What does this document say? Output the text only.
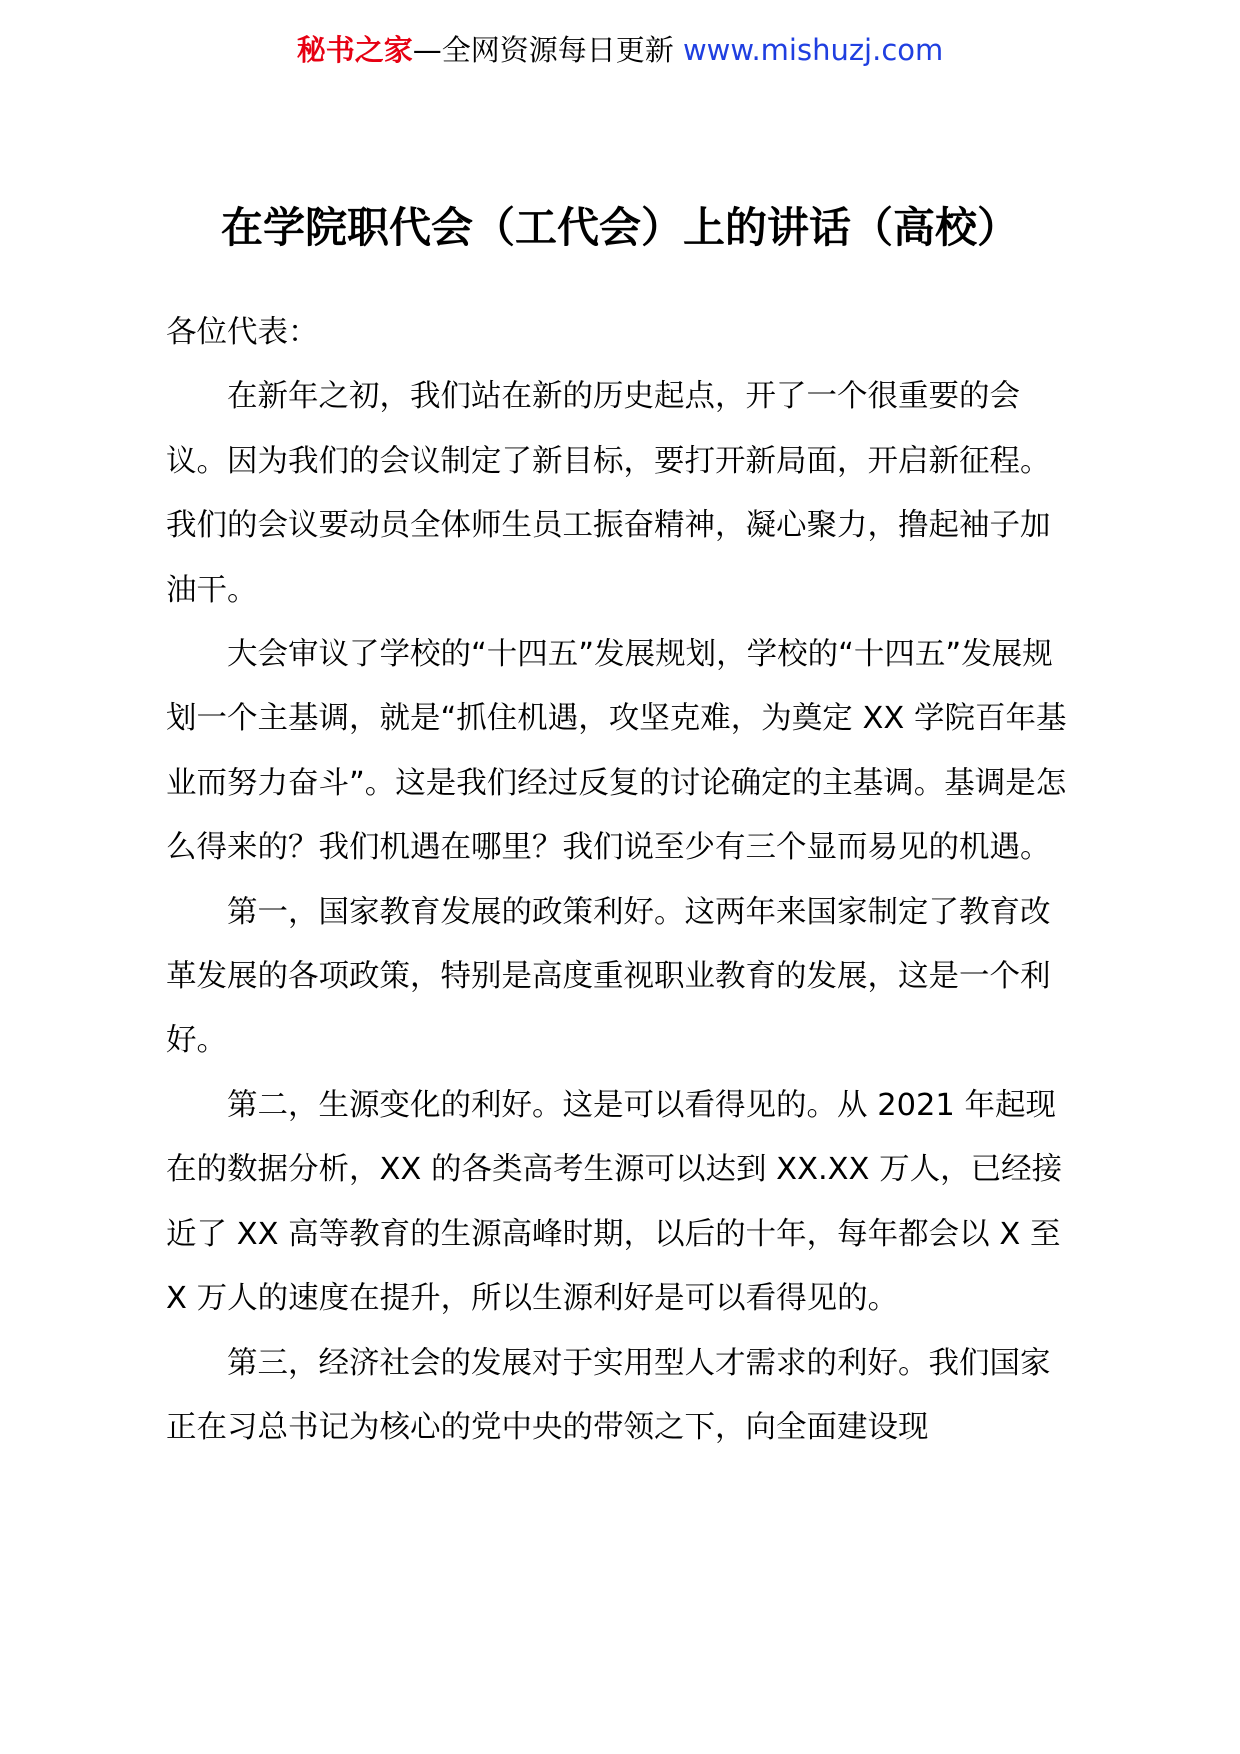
秘书之家—全网资源每日更新 www.mishuzj.com
在学院职代会（工代会）上的讲话（高校）

各位代表：

在新年之初，我们站在新的历史起点，开了一个很重要的会议。因为我们的会议制定了新目标，要打开新局面，开启新征程。我们的会议要动员全体师生员工振奋精神，凝心聚力，撸起袖子加油干。

大会审议了学校的“十四五”发展规划，学校的“十四五”发展规划一个主基调，就是“抓住机遇，攻坚克难，为奠定 XX 学院百年基业而努力奋斗”。这是我们经过反复的讨论确定的主基调。基调是怎么得来的？我们机遇在哪里？我们说至少有三个显而易见的机遇。

第一，国家教育发展的政策利好。这两年来国家制定了教育改革发展的各项政策，特别是高度重视职业教育的发展，这是一个利好。

第二，生源变化的利好。这是可以看得见的。从 2021 年起现在的数据分析，XX 的各类高考生源可以达到 XX.XX 万人，已经接近了 XX 高等教育的生源高峰时期，以后的十年，每年都会以 X 至 X 万人的速度在提升，所以生源利好是可以看得见的。

第三，经济社会的发展对于实用型人才需求的利好。我们国家正在习总书记为核心的党中央的带领之下，向全面建设现
